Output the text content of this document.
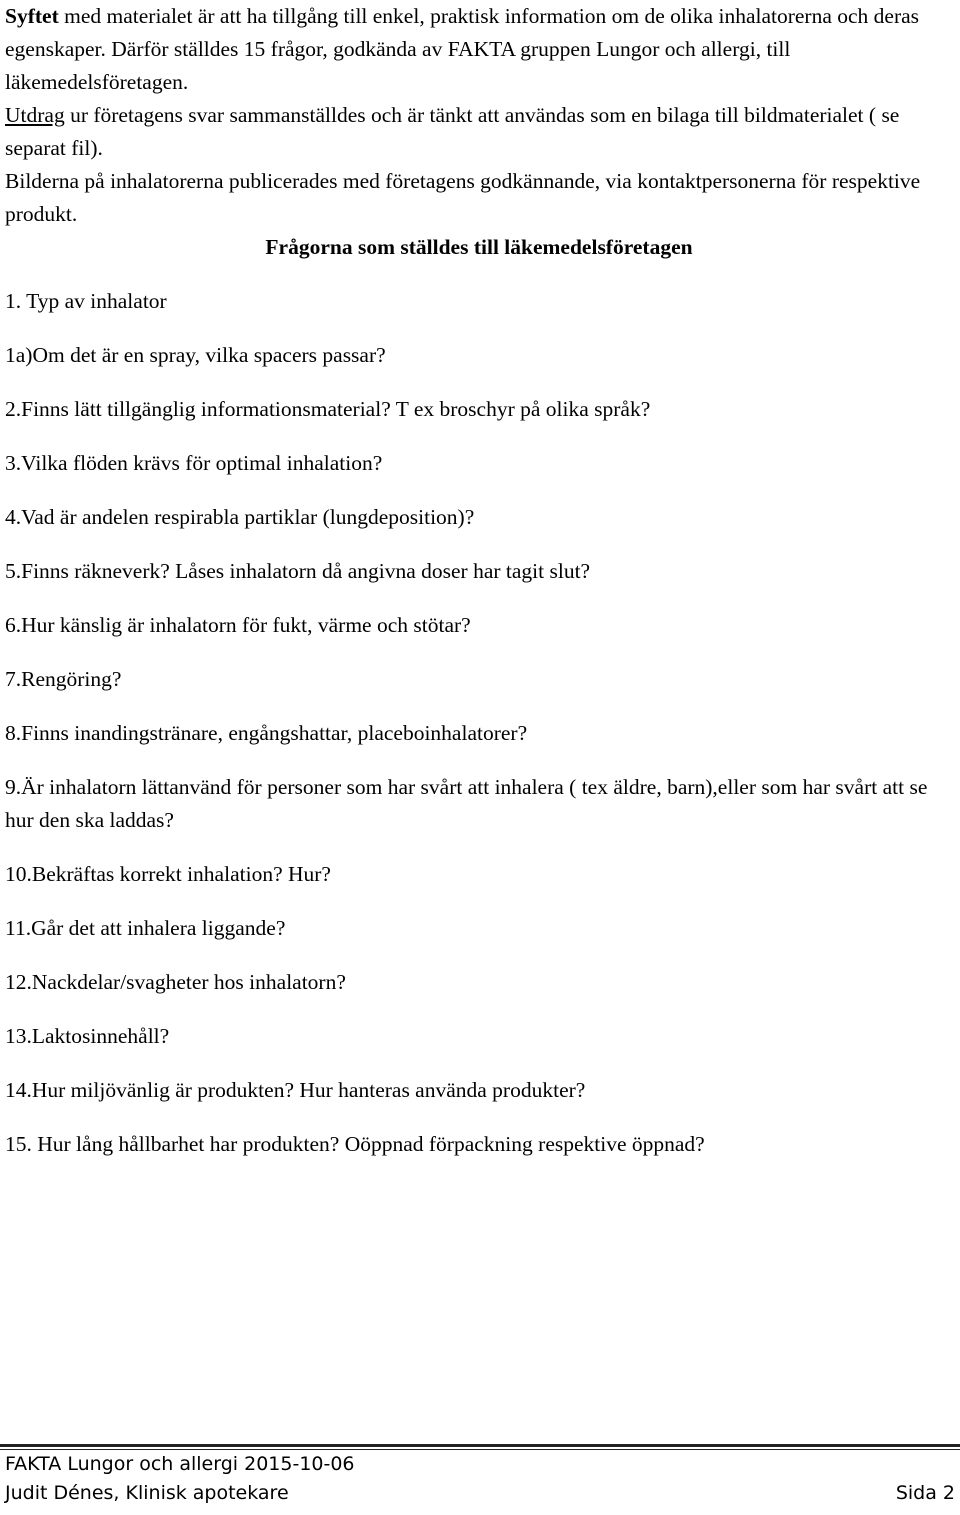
Syftet med materialet är att ha tillgång till enkel, praktisk information om de olika inhalatorerna och deras egenskaper. Därför ställdes 15 frågor, godkända av FAKTA gruppen Lungor och allergi, till läkemedelsföretagen.

Utdrag ur företagens svar sammanställdes och är tänkt att användas som en bilaga till bildmaterialet ( se separat fil).

Bilderna på inhalatorerna publicerades med företagens godkännande, via kontaktpersonerna för respektive produkt.

Frågorna som ställdes till läkemedelsföretagen

1. Typ av inhalator

1a)Om det är en spray, vilka spacers passar?

2.Finns lätt tillgänglig informationsmaterial? T ex broschyr på olika språk?

3.Vilka flöden krävs för optimal inhalation?

4.Vad är andelen respirabla partiklar (lungdeposition)?

5.Finns räkneverk? Låses inhalatorn då angivna doser har tagit slut?

6.Hur känslig är inhalatorn för fukt, värme och stötar?

7.Rengöring?

8.Finns inandingstränare, engångshattar, placeboinhalatorer?

9.Är inhalatorn lättanvänd för personer som har svårt att inhalera ( tex äldre, barn),eller som har svårt att se hur den ska laddas?

10.Bekräftas korrekt inhalation? Hur?

11.Går det att inhalera liggande?

12.Nackdelar/svagheter hos inhalatorn?

13.Laktosinnehåll?

14.Hur miljövänlig är produkten? Hur hanteras använda produkter?

15. Hur lång hållbarhet har produkten? Oöppnad förpackning respektive öppnad?

FAKTA Lungor och allergi 2015-10-06
Judit Dénes, Klinisk apotekare	Sida 2
